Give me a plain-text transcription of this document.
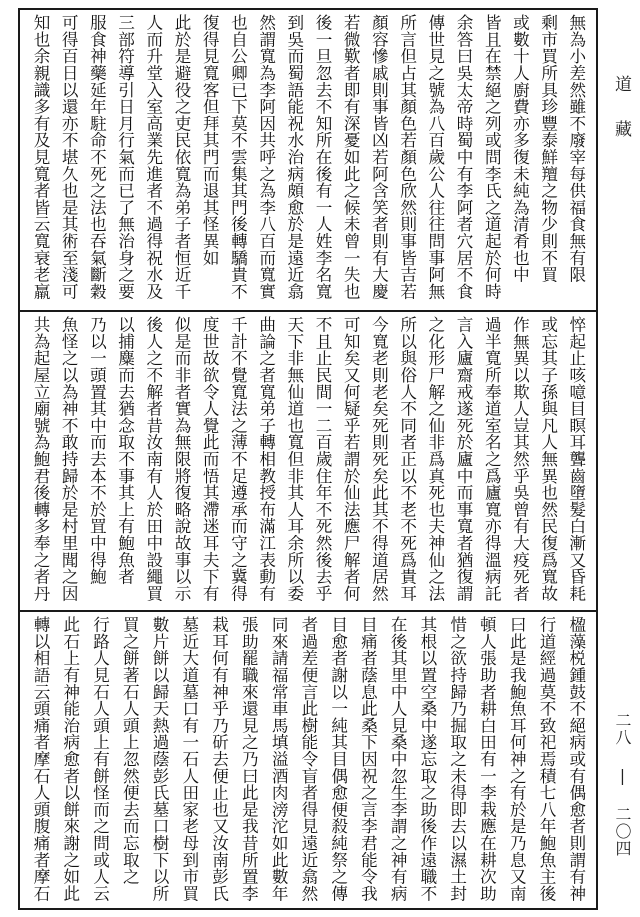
無為小差然雖不廢宰每供福食無有限
剩市買所具珍豐泰鮮羶之物少則不買
或數十人廚費亦多復未純為清肴也中
皆且在禁絕之列或問李氏之道起於何時
余答曰吳太帝時蜀中有李阿者穴居不食
傳世見之號為八百歲公人往往問事阿無
所言但占其顏色若顏色欣然則事皆吉若
顏容慘戚則事皆凶若阿含笑者則有大慶
若微歎者即有深憂如此之候未曾一失也
後一旦忽去不知所在後有一人姓李名寬
到吳而蜀語能祝水治病頗愈於是遠近翕
然謂寬為李阿因共呼之為李八百而寬實
也自公卿已下莫不雲集其門後轉驕貴不
復得見寬客但拜其門而退其怪異如
此於是避役之吏民依寬為弟子者恒近千
人而升堂入室高業先進者不過得祝水及
三部符導引日月行氣而已了無治身之要
服食神藥延年駐命不死之法也吞氣斷穀
可得百日以還亦不堪久也是其術至淺可
知也余親識多有及見寬者皆云寬衰老羸
悴起止咳噫目瞑耳聾齒墮髮白漸又昏耗
或忘其子孫與凡人無異也然民復爲寬故
作無異以欺人豈其然乎吳曾有大疫死者
過半寬所奉道室名之爲廬寬亦得溫病託
言入廬齋戒遂死於廬中而事寬者猶復謂
之化形尸解之仙非爲真死也夫神仙之法
所以與俗人不同者正以不老不死爲貴耳
今寬老則老矣死則死矣此其不得道居然
可知矣又何疑乎若謂於仙法應尸解者何
不且止民間一二百歲住年不死然後去乎
天下非無仙道也寬但非其人耳余所以委
曲論之者寬弟子轉相教授布滿江表動有
千計不覺寬法之薄不足遵承而守之冀得
度世故欲令人覺此而悟其滯迷耳夫下有
似是而非者實為無限將復略說故事以示
後人之不解者昔汝南有人於田中設繩買
以捕麋而去猶念取不事其上有鮑魚者
乃以一頭置其中而去本不於罝中得鮑
魚怪之以為神不敢持歸於是村里聞之因
共為起屋立廟號為鮑君後轉多奉之者丹
楹藻棁鍾鼓不絕病或有偶愈者則謂有神
行道經過莫不致祀焉積七八年鮑魚主後
曰此是我鮑魚耳何神之有於是乃息又南
頓人張助者耕白田有一李栽應在耕次助
惜之欲持歸乃掘取之未得即去以濕土封
其根以置空桑中遂忘取之助後作遠職不
在後其里中人見桑中忽生李謂之神有病
目痛者蔭息此桑下因祝之言李君能令我
目愈者謝以一純其目偶愈便殺純祭之傳
者過差便言此樹能令盲者得見遠近翕然
同來請福常車馬填溢酒肉滂沱如此數年
張助罷職來還見之乃曰此是我昔所置李
栽耳何有神乎乃斫去便止也又汝南彭氏
墓近大道墓口有一石人田家老母到市買
數片餅以歸天熱過蔭彭氏墓口樹下以所
買之餅著石人頭上忽然便去而忘取之
行路人見石人頭上有餅怪而之問或人云
此石上有神能治病愈者以餅來謝之如此
轉以相語云頭痛者摩石人頭腹痛者摩石
道
藏
二八 | 二〇四
